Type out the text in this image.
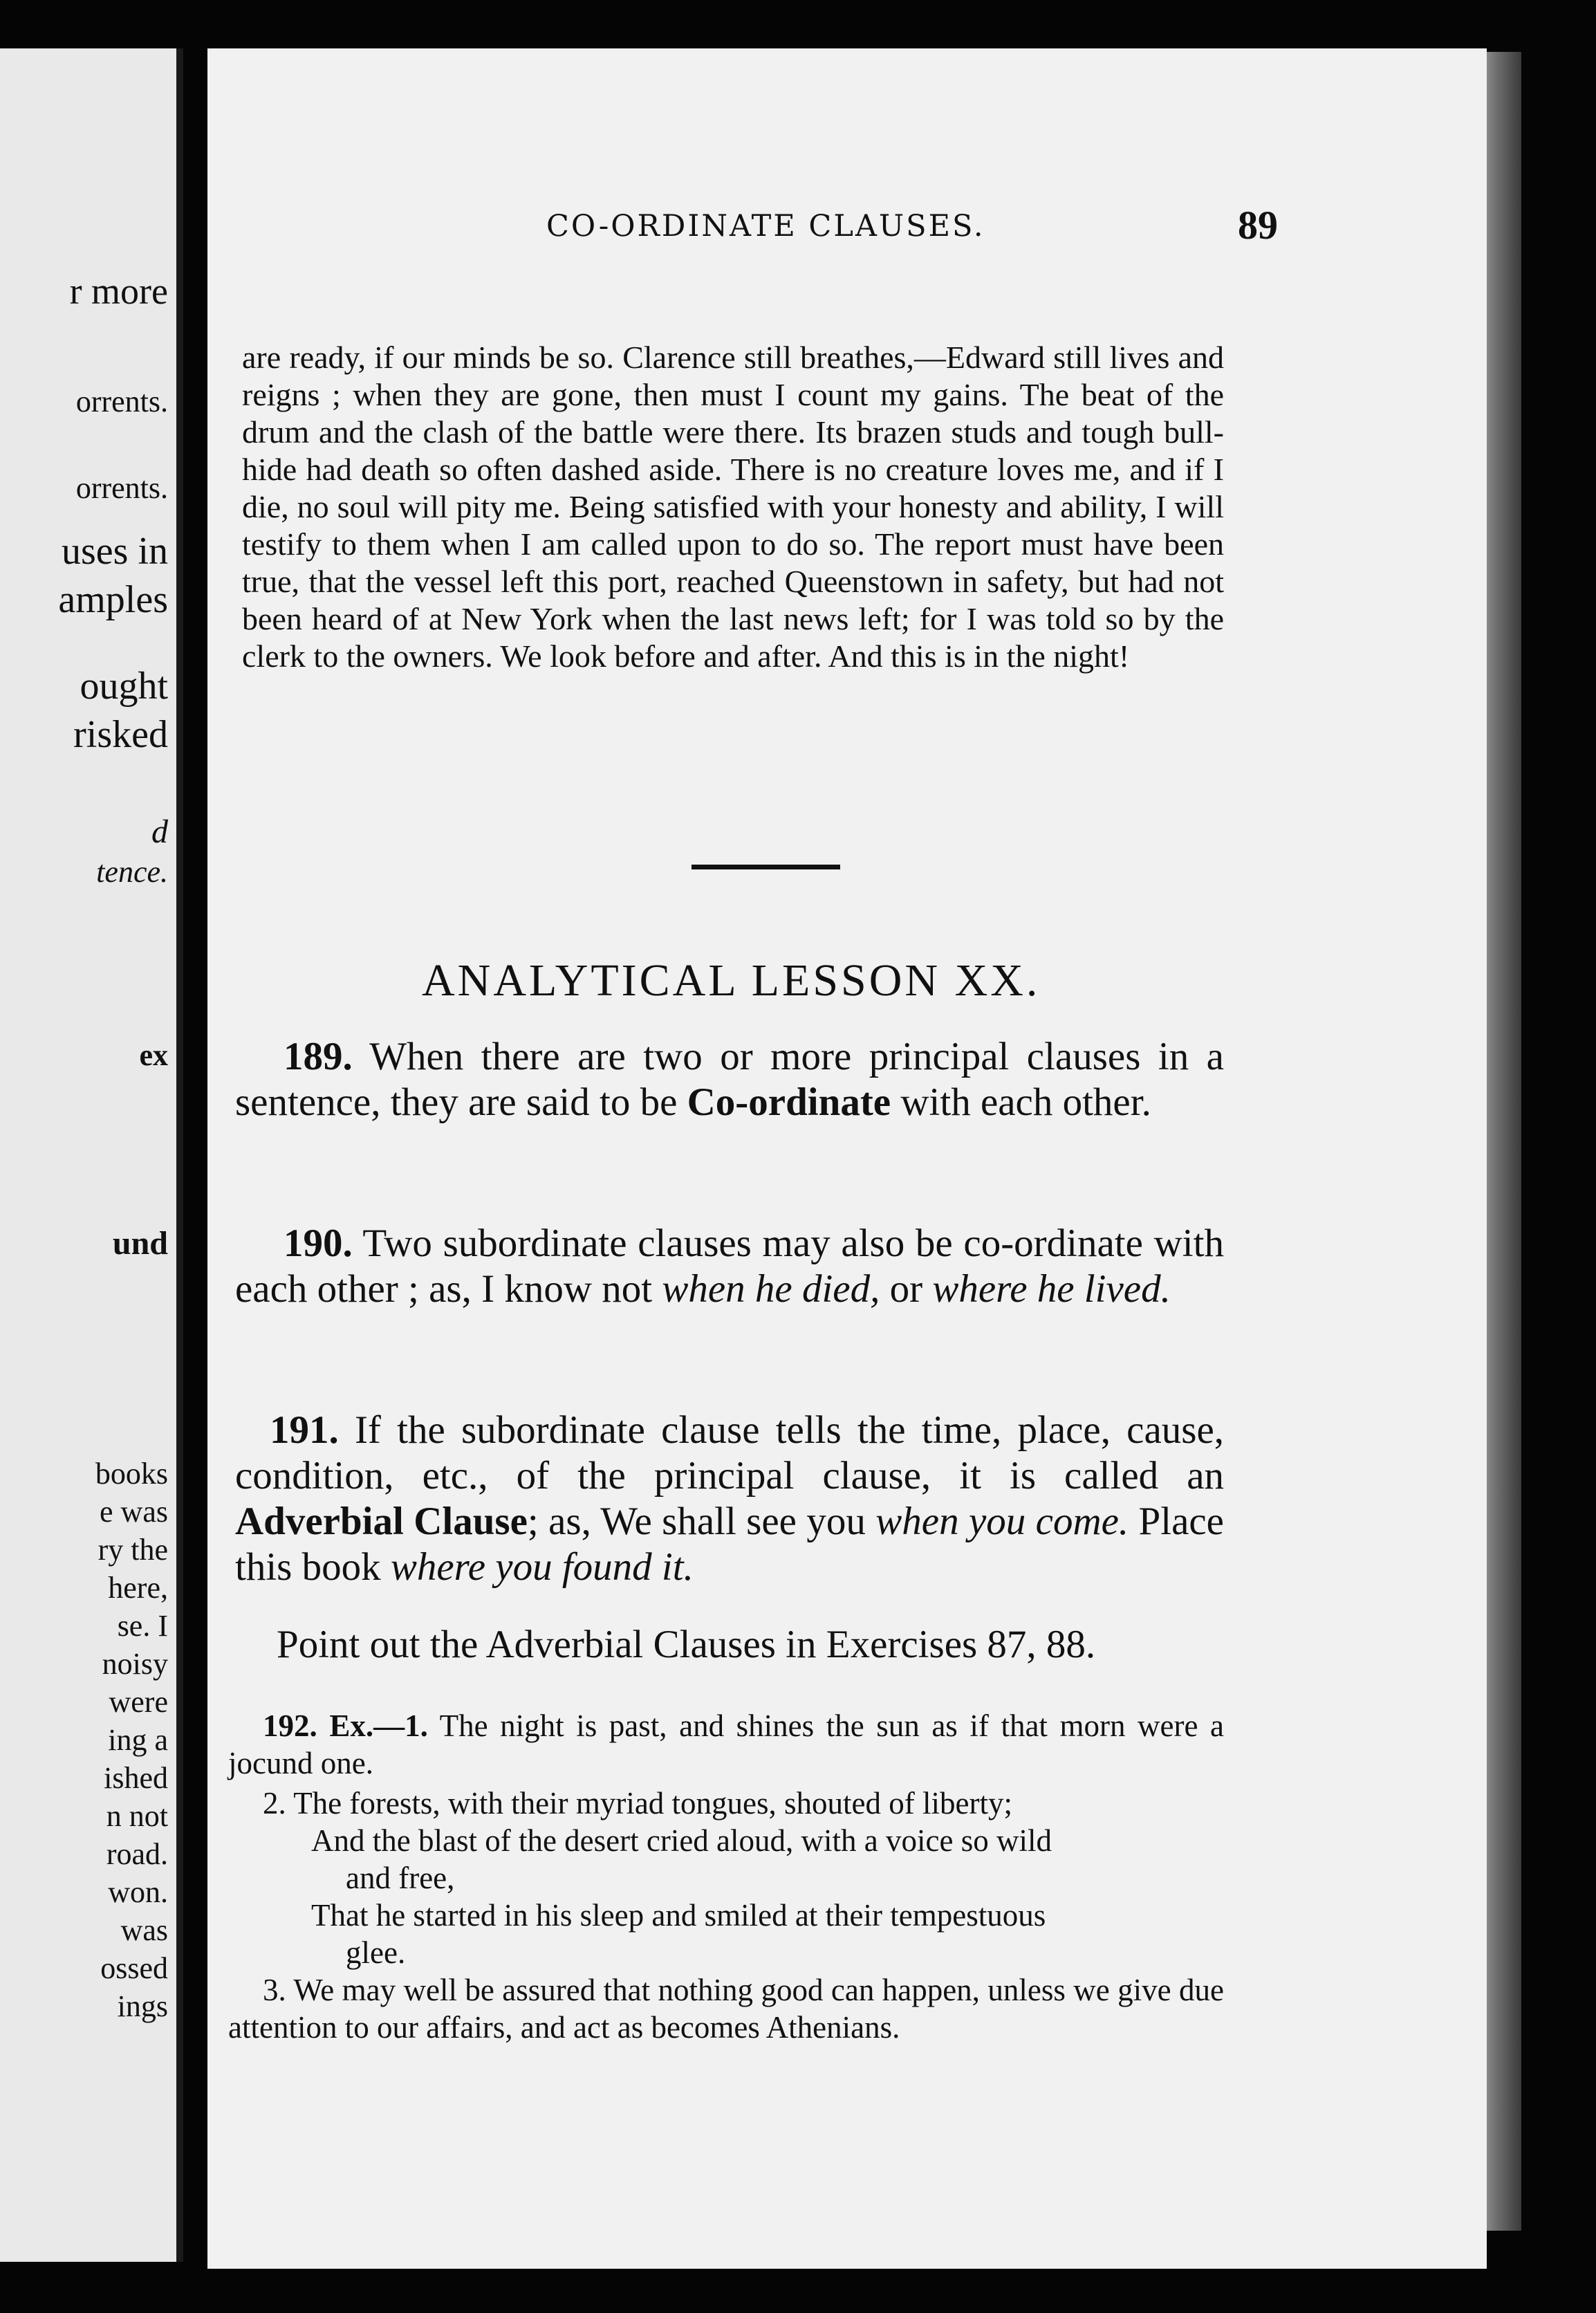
r more
orrents.
orrents.
uses in
amples
ought
risked
d
tence.
ex
und
books
e was
ry the
here,
se. I
noisy
were
ing a
ished
n not
road.
won.
was
ossed
ings
CO-ORDINATE CLAUSES.	89
are ready, if our minds be so. Clarence still breathes,—Edward still lives and reigns ; when they are gone, then must I count my gains. The beat of the drum and the clash of the battle were there. Its brazen studs and tough bull-hide had death so often dashed aside. There is no creature loves me, and if I die, no soul will pity me. Being satisfied with your honesty and ability, I will testify to them when I am called upon to do so. The report must have been true, that the vessel left this port, reached Queenstown in safety, but had not been heard of at New York when the last news left; for I was told so by the clerk to the owners. We look before and after. And this is in the night!
ANALYTICAL LESSON XX.
189. When there are two or more principal clauses in a sentence, they are said to be Co-ordinate with each other.
190. Two subordinate clauses may also be co-ordinate with each other ; as, I know not when he died, or where he lived.
191. If the subordinate clause tells the time, place, cause, condition, etc., of the principal clause, it is called an Adverbial Clause; as, We shall see you when you come. Place this book where you found it.
Point out the Adverbial Clauses in Exercises 87, 88.
192. Ex.—1. The night is past, and shines the sun as if that morn were a jocund one.
2. The forests, with their myriad tongues, shouted of liberty;
And the blast of the desert cried aloud, with a voice so wild
and free,
That he started in his sleep and smiled at their tempestuous
glee.
3. We may well be assured that nothing good can happen, unless we give due attention to our affairs, and act as becomes Athenians.
